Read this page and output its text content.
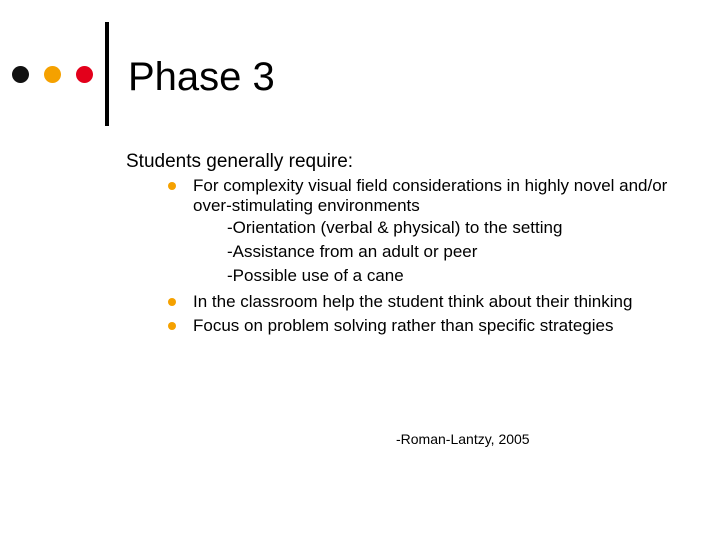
Phase 3
Students generally require:
For complexity visual field considerations in highly novel and/or over-stimulating environments
-Orientation (verbal & physical) to the setting
-Assistance from an adult or peer
-Possible use of a cane
In the classroom help the student think about their thinking
Focus on problem solving rather than specific strategies
-Roman-Lantzy, 2005
